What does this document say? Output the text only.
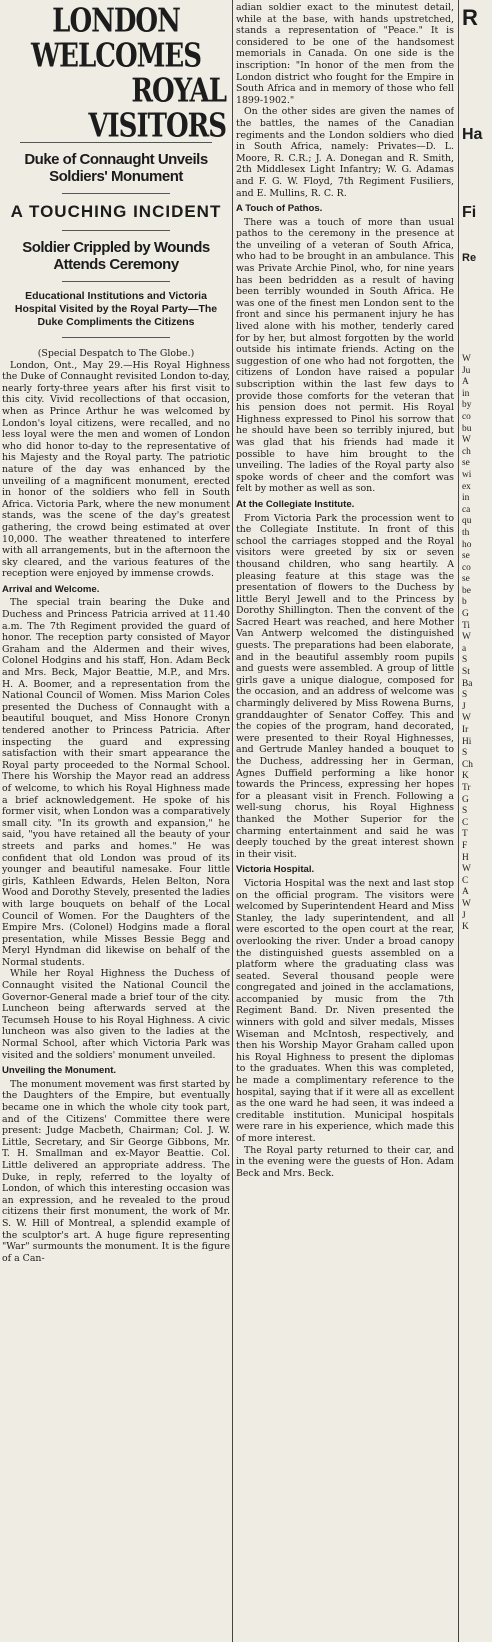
LONDON WELCOMES
ROYAL VISITORS
Duke of Connaught Unveils Soldiers' Monument
A TOUCHING INCIDENT
Soldier Crippled by Wounds Attends Ceremony
Educational Institutions and Victoria Hospital Visited by the Royal Party—The Duke Compliments the Citizens

(Special Despatch to The Globe.)

London, Ont., May 29.—His Royal Highness the Duke of Connaught revisited London to-day, nearly forty-three years after his first visit to this city. Vivid recollections of that occasion, when as Prince Arthur he was welcomed by London's loyal citizens, were recalled, and no less loyal were the men and women of London who did honor to-day to the representative of his Majesty and the Royal party. The patriotic nature of the day was enhanced by the unveiling of a magnificent monument, erected in honor of the soldiers who fell in South Africa. Victoria Park, where the new monument stands, was the scene of the day's greatest gathering, the crowd being estimated at over 10,000. The weather threatened to interfere with all arrangements, but in the afternoon the sky cleared, and the various features of the reception were enjoyed by immense crowds.

Arrival and Welcome.

The special train bearing the Duke and Duchess and Princess Patricia arrived at 11.40 a.m. The 7th Regiment provided the guard of honor. The reception party consisted of Mayor Graham and the Aldermen and their wives, Colonel Hodgins and his staff, Hon. Adam Beck and Mrs. Beck, Major Beattie, M.P., and Mrs. H. A. Boomer, and a representation from the National Council of Women. Miss Marion Coles presented the Duchess of Connaught with a beautiful bouquet, and Miss Honore Cronyn tendered another to Princess Patricia. After inspecting the guard and expressing satisfaction with their smart appearance the Royal party proceeded to the Normal School. There his Worship the Mayor read an address of welcome, to which his Royal Highness made a brief acknowledgement. He spoke of his former visit, when London was a comparatively small city. "In its growth and expansion," he said, "you have retained all the beauty of your streets and parks and homes." He was confident that old London was proud of its younger and beautiful namesake. Four little girls, Kathleen Edwards, Helen Belton, Nora Wood and Dorothy Stevely, presented the ladies with large bouquets on behalf of the Local Council of Women. For the Daughters of the Empire Mrs. (Colonel) Hodgins made a floral presentation, while Misses Bessie Begg and Meryl Hyndman did likewise on behalf of the Normal students.

While her Royal Highness the Duchess of Connaught visited the National Council the Governor-General made a brief tour of the city. Luncheon being afterwards served at the Tecumseh House to his Royal Highness. A civic luncheon was also given to the ladies at the Normal School, after which Victoria Park was visited and the soldiers' monument unveiled.

Unveiling the Monument.

The monument movement was first started by the Daughters of the Empire, but eventually became one in which the whole city took part, and of the Citizens' Committee there were present: Judge Macbeth, Chairman; Col. J. W. Little, Secretary, and Sir George Gibbons, Mr. T. H. Smallman and ex-Mayor Beattie. Col. Little delivered an appropriate address. The Duke, in reply, referred to the loyalty of London, of which this interesting occasion was an expression, and he revealed to the proud citizens their first monument, the work of Mr. S. W. Hill of Montreal, a splendid example of the sculptor's art. A huge figure representing "War" surmounts the monument. It is the figure of a Can-

adian soldier exact to the minutest detail, while at the base, with hands upstretched, stands a representation of "Peace." It is considered to be one of the handsomest memorials in Canada. On one side is the inscription: "In honor of the men from the London district who fought for the Empire in South Africa and in memory of those who fell 1899-1902."

On the other sides are given the names of the battles, the names of the Canadian regiments and the London soldiers who died in South Africa, namely: Privates—D. L. Moore, R. C.R.; J. A. Donegan and R. Smith, 2th Middlesex Light Infantry; W. G. Adamas and F. G. W. Floyd, 7th Regiment Fusiliers, and E. Mullins, R. C. R.

A Touch of Pathos.

There was a touch of more than usual pathos to the ceremony in the presence at the unveiling of a veteran of South Africa, who had to be brought in an ambulance. This was Private Archie Pinol, who, for nine years has been bedridden as a result of having been terribly wounded in South Africa. He was one of the finest men London sent to the front and since his permanent injury he has lived alone with his mother, tenderly cared for by her, but almost forgotten by the world outside his intimate friends. Acting on the suggestion of one who had not forgotten, the citizens of London have raised a popular subscription within the last few days to provide those comforts for the veteran that his pension does not permit. His Royal Highness expressed to Pinol his sorrow that he should have been so terribly injured, but was glad that his friends had made it possible to have him brought to the unveiling. The ladies of the Royal party also spoke words of cheer and the comfort was felt by mother as well as son.

At the Collegiate Institute.

From Victoria Park the procession went to the Collegiate Institute. In front of this school the carriages stopped and the Royal visitors were greeted by six or seven thousand children, who sang heartily. A pleasing feature at this stage was the presentation of flowers to the Duchess by little Beryl Jewell and to the Princess by Dorothy Shillington. Then the convent of the Sacred Heart was reached, and here Mother Van Antwerp welcomed the distinguished guests. The preparations had been elaborate, and in the beautiful assembly room pupils and guests were assembled. A group of little girls gave a unique dialogue, composed for the occasion, and an address of welcome was charmingly delivered by Miss Rowena Burns, granddaughter of Senator Coffey. This and the copies of the program, hand decorated, were presented to their Royal Highnesses, and Gertrude Manley handed a bouquet to the Duchess, addressing her in German, Agnes Duffield performing a like honor towards the Princess, expressing her hopes for a pleasant visit in French. Following a well-sung chorus, his Royal Highness thanked the Mother Superior for the charming entertainment and said he was deeply touched by the great interest shown in their visit.

Victoria Hospital.

Victoria Hospital was the next and last stop on the official program. The visitors were welcomed by Superintendent Heard and Miss Stanley, the lady superintendent, and all were escorted to the open court at the rear, overlooking the river. Under a broad canopy the distinguished guests assembled on a platform where the graduating class was seated. Several thousand people were congregated and joined in the acclamations, accompanied by music from the 7th Regiment Band. Dr. Niven presented the winners with gold and silver medals, Misses Wiseman and McIntosh, respectively, and then his Worship Mayor Graham called upon his Royal Highness to present the diplomas to the graduates. When this was completed, he made a complimentary reference to the hospital, saying that if it were all as excellent as the one ward he had seen, it was indeed a creditable institution. Municipal hospitals were rare in his experience, which made this of more interest.

The Royal party returned to their car, and in the evening were the guests of Hon. Adam Beck and Mrs. Beck.

R
Ha
Fi
Re
W
Ju
A
in
by
co
bu
W
ch
se
wi
ex
in
ca
qu
th
ho
se
co
se
be
b
G
Ti
W
a
S
St
Ba
S
J
W
Ir
Hi
S
Ch
K
Tr
G
S
C
T
F
H
W
C
A
W
J
K
